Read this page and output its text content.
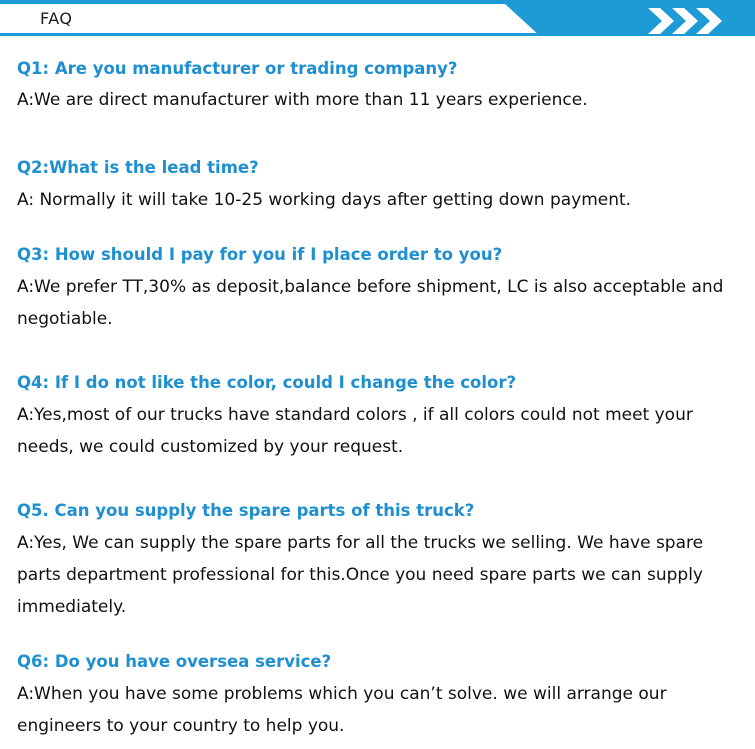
FAQ
Q1: Are you manufacturer or trading company?
A:We are direct manufacturer with more than 11 years experience.
Q2:What is the lead time?
A: Normally it will take 10-25 working days after getting down payment.
Q3: How should I pay for you if I place order to you?
A:We prefer TT,30% as deposit,balance before shipment, LC is also acceptable and negotiable.
Q4: If I do not like the color, could I change the color?
A:Yes,most of our trucks have standard colors , if all colors could not meet your needs, we could customized by your request.
Q5. Can you supply the spare parts of this truck?
A:Yes, We can supply the spare parts for all the trucks we selling. We have spare parts department professional for this.Once you need spare parts we can supply immediately.
Q6: Do you have oversea service?
A:When you have some problems which you can’t solve. we will arrange our engineers to your country to help you.
